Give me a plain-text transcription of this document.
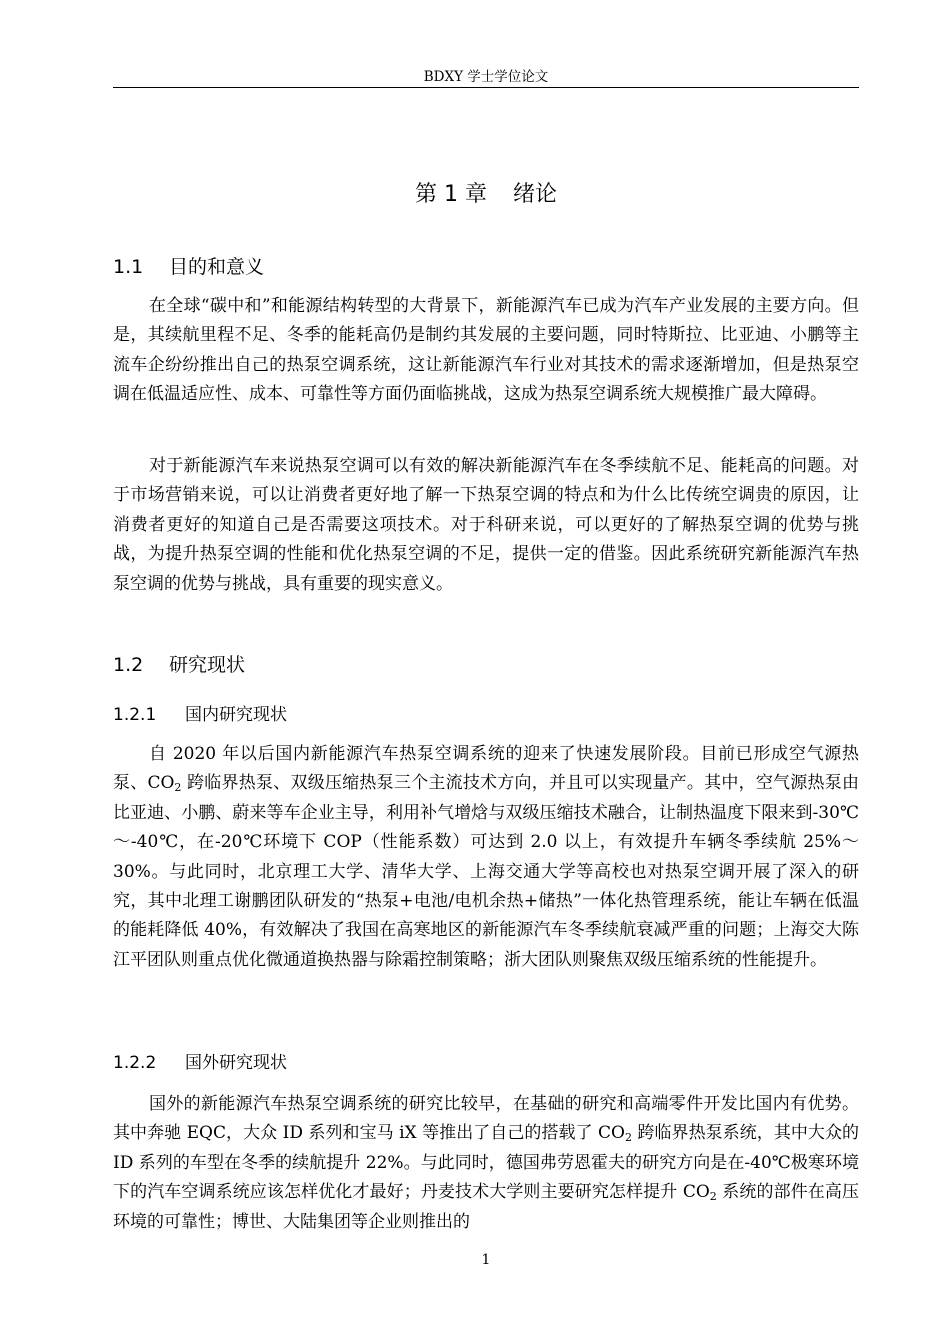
BDXY 学士学位论文
第 1 章 绪论
1.1 目的和意义

在全球“碳中和”和能源结构转型的大背景下，新能源汽车已成为汽车产业发展的主要方向。但是，其续航里程不足、冬季的能耗高仍是制约其发展的主要问题，同时特斯拉、比亚迪、小鹏等主流车企纷纷推出自己的热泵空调系统，这让新能源汽车行业对其技术的需求逐渐增加，但是热泵空调在低温适应性、成本、可靠性等方面仍面临挑战，这成为热泵空调系统大规模推广最大障碍。

对于新能源汽车来说热泵空调可以有效的解决新能源汽车在冬季续航不足、能耗高的问题。对于市场营销来说，可以让消费者更好地了解一下热泵空调的特点和为什么比传统空调贵的原因，让消费者更好的知道自己是否需要这项技术。对于科研来说，可以更好的了解热泵空调的优势与挑战，为提升热泵空调的性能和优化热泵空调的不足，提供一定的借鉴。因此系统研究新能源汽车热泵空调的优势与挑战，具有重要的现实意义。

1.2 研究现状
1.2.1 国内研究现状

自 2020 年以后国内新能源汽车热泵空调系统的迎来了快速发展阶段。目前已形成空气源热泵、$CO_2$ 跨临界热泵、双级压缩热泵三个主流技术方向，并且可以实现量产。其中，空气源热泵由比亚迪、小鹏、蔚来等车企业主导，利用补气增焓与双级压缩技术融合，让制热温度下限来到-30℃～-40℃，在-20℃环境下 COP（性能系数）可达到 2.0 以上，有效提升车辆冬季续航 25%～30%。与此同时，北京理工大学、清华大学、上海交通大学等高校也对热泵空调开展了深入的研究，其中北理工谢鹏团队研发的“热泵+电池/电机余热+储热”一体化热管理系统，能让车辆在低温的能耗降低 40%，有效解决了我国在高寒地区的新能源汽车冬季续航衰减严重的问题；上海交大陈江平团队则重点优化微通道换热器与除霜控制策略；浙大团队则聚焦双级压缩系统的性能提升。

1.2.2 国外研究现状

国外的新能源汽车热泵空调系统的研究比较早，在基础的研究和高端零件开发比国内有优势。其中奔驰 EQC，大众 ID 系列和宝马 iX 等推出了自己的搭载了 $CO_2$ 跨临界热泵系统，其中大众的 ID 系列的车型在冬季的续航提升 22%。与此同时，德国弗劳恩霍夫的研究方向是在-40℃极寒环境下的汽车空调系统应该怎样优化才最好；丹麦技术大学则主要研究怎样提升 $CO_2$ 系统的部件在高压环境的可靠性；博世、大陆集团等企业则推出的

1
